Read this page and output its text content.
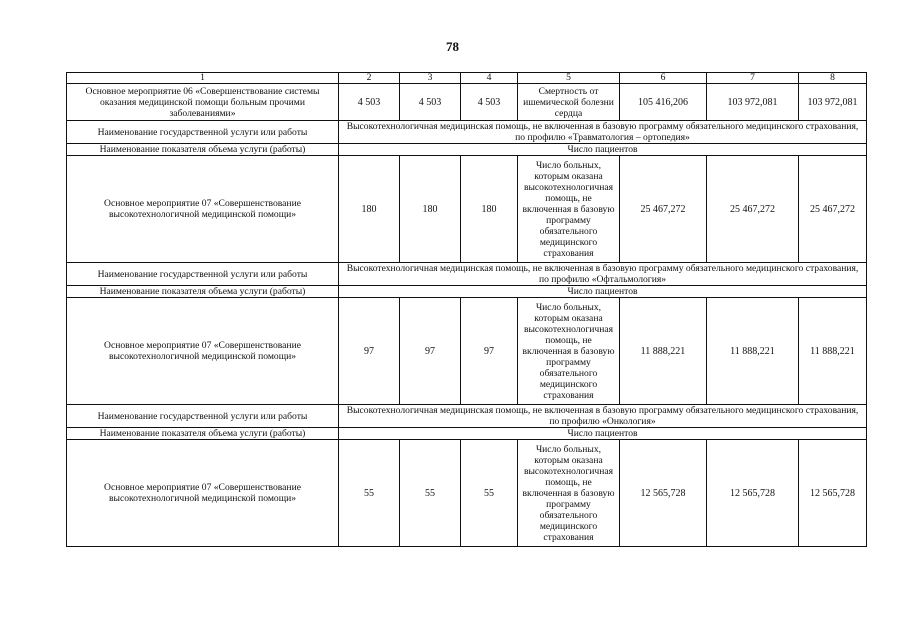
78
1	2	3	4	5	6	7	8
Основное мероприятие 06 «Совершенствование системы оказания медицинской помощи больным прочими заболеваниями»	4 503	4 503	4 503	Смертность от ишемической болезни сердца	105 416,206	103 972,081	103 972,081
Наименование государственной услуги или работы	Высокотехнологичная медицинская помощь, не включенная в базовую программу обязательного медицинского страхования, по профилю «Травматология – ортопедия»						
Наименование показателя объема услуги (работы)	Число пациентов						
Основное мероприятие 07 «Совершенствование высокотехнологичной медицинской помощи»	180	180	180	Число больных, которым оказана высокотехнологичная помощь, не включенная в базовую программу обязательного медицинского страхования	25 467,272	25 467,272	25 467,272
Наименование государственной услуги или работы	Высокотехнологичная медицинская помощь, не включенная в базовую программу обязательного медицинского страхования, по профилю «Офтальмология»						
Наименование показателя объема услуги (работы)	Число пациентов						
Основное мероприятие 07 «Совершенствование высокотехнологичной медицинской помощи»	97	97	97	Число больных, которым оказана высокотехнологичная помощь, не включенная в базовую программу обязательного медицинского страхования	11 888,221	11 888,221	11 888,221
Наименование государственной услуги или работы	Высокотехнологичная медицинская помощь, не включенная в базовую программу обязательного медицинского страхования, по профилю «Онкология»						
Наименование показателя объема услуги (работы)	Число пациентов						
Основное мероприятие 07 «Совершенствование высокотехнологичной медицинской помощи»	55	55	55	Число больных, которым оказана высокотехнологичная помощь, не включенная в базовую программу обязательного медицинского страхования	12 565,728	12 565,728	12 565,728
